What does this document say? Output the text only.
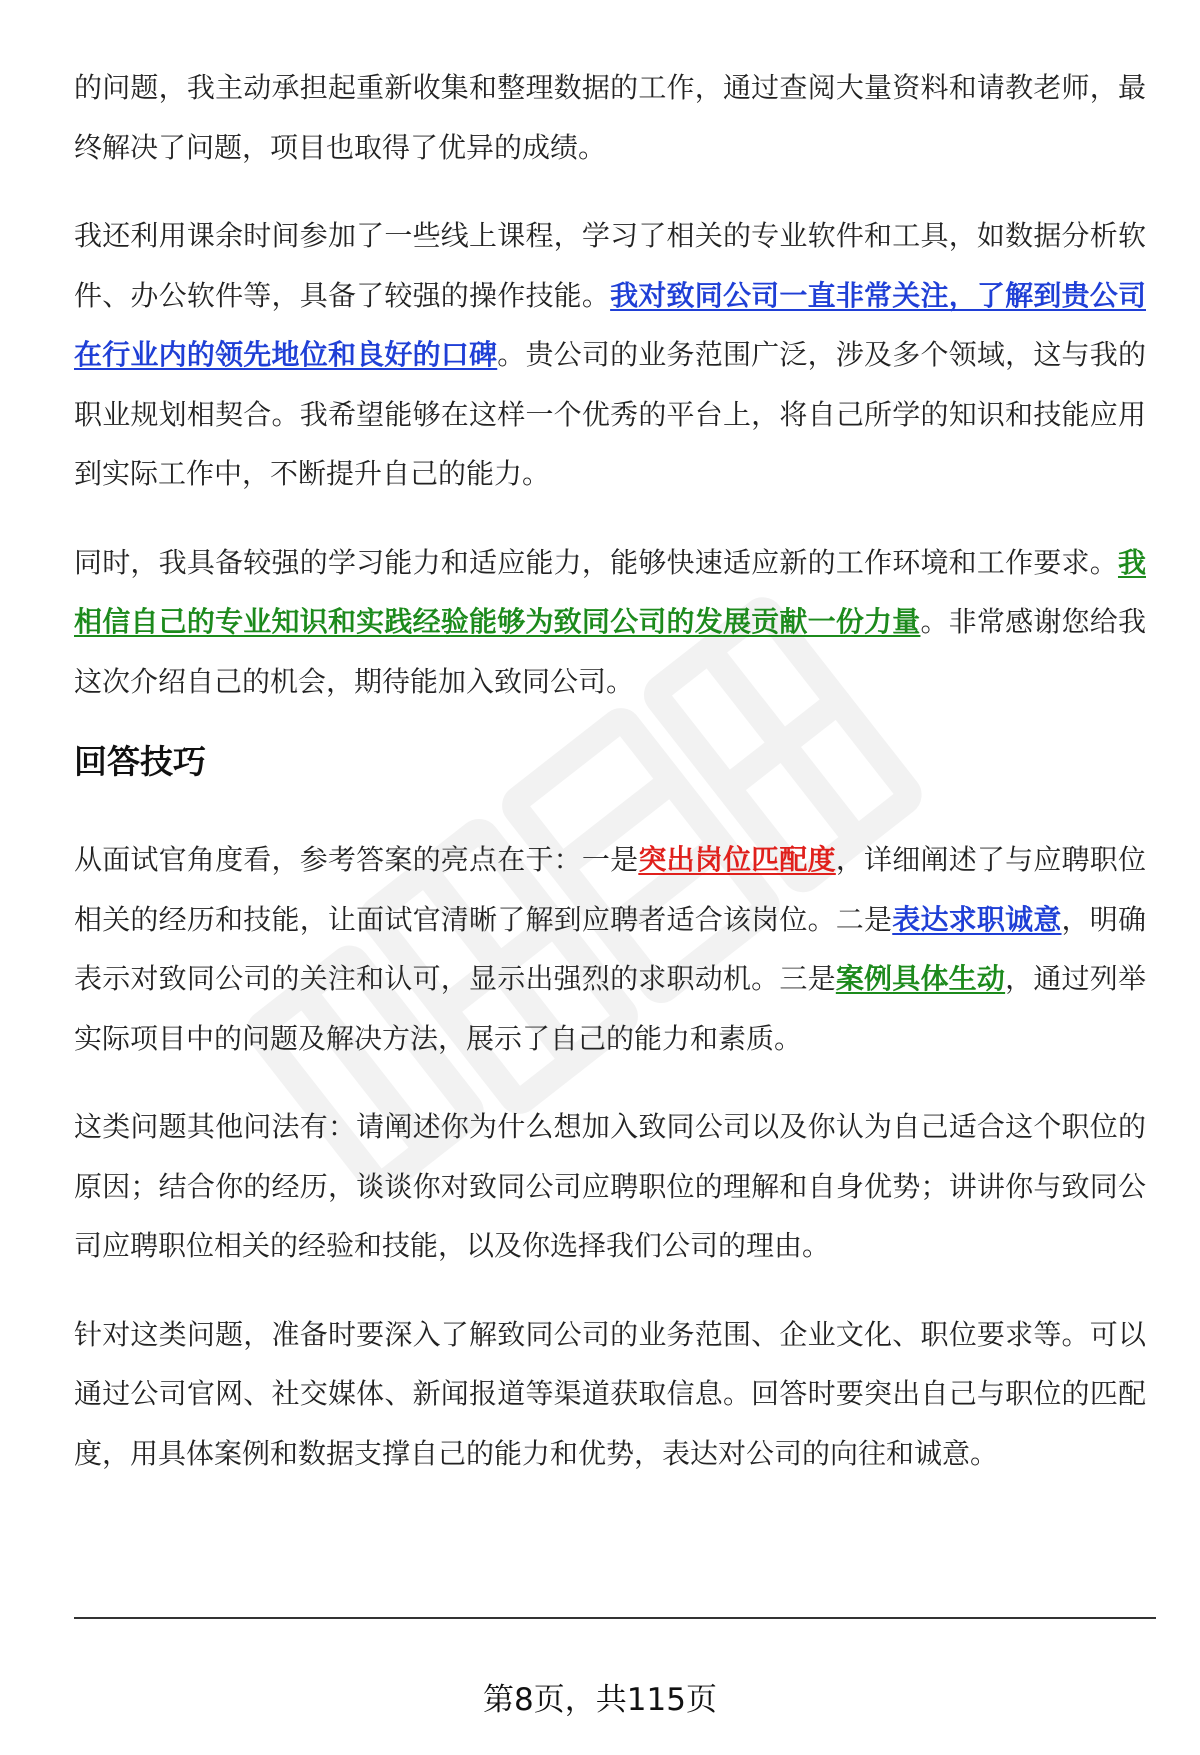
的问题，我主动承担起重新收集和整理数据的工作，通过查阅大量资料和请教老师，最终解决了问题，项目也取得了优异的成绩。

我还利用课余时间参加了一些线上课程，学习了相关的专业软件和工具，如数据分析软件、办公软件等，具备了较强的操作技能。我对致同公司一直非常关注，了解到贵公司在行业内的领先地位和良好的口碑。贵公司的业务范围广泛，涉及多个领域，这与我的职业规划相契合。我希望能够在这样一个优秀的平台上，将自己所学的知识和技能应用到实际工作中，不断提升自己的能力。

同时，我具备较强的学习能力和适应能力，能够快速适应新的工作环境和工作要求。我相信自己的专业知识和实践经验能够为致同公司的发展贡献一份力量。非常感谢您给我这次介绍自己的机会，期待能加入致同公司。

回答技巧

从面试官角度看，参考答案的亮点在于：一是突出岗位匹配度，详细阐述了与应聘职位相关的经历和技能，让面试官清晰了解到应聘者适合该岗位。二是表达求职诚意，明确表示对致同公司的关注和认可，显示出强烈的求职动机。三是案例具体生动，通过列举实际项目中的问题及解决方法，展示了自己的能力和素质。

这类问题其他问法有：请阐述你为什么想加入致同公司以及你认为自己适合这个职位的原因；结合你的经历，谈谈你对致同公司应聘职位的理解和自身优势；讲讲你与致同公司应聘职位相关的经验和技能，以及你选择我们公司的理由。

针对这类问题，准备时要深入了解致同公司的业务范围、企业文化、职位要求等。可以通过公司官网、社交媒体、新闻报道等渠道获取信息。回答时要突出自己与职位的匹配度，用具体案例和数据支撑自己的能力和优势，表达对公司的向往和诚意。

第8页，共115页
